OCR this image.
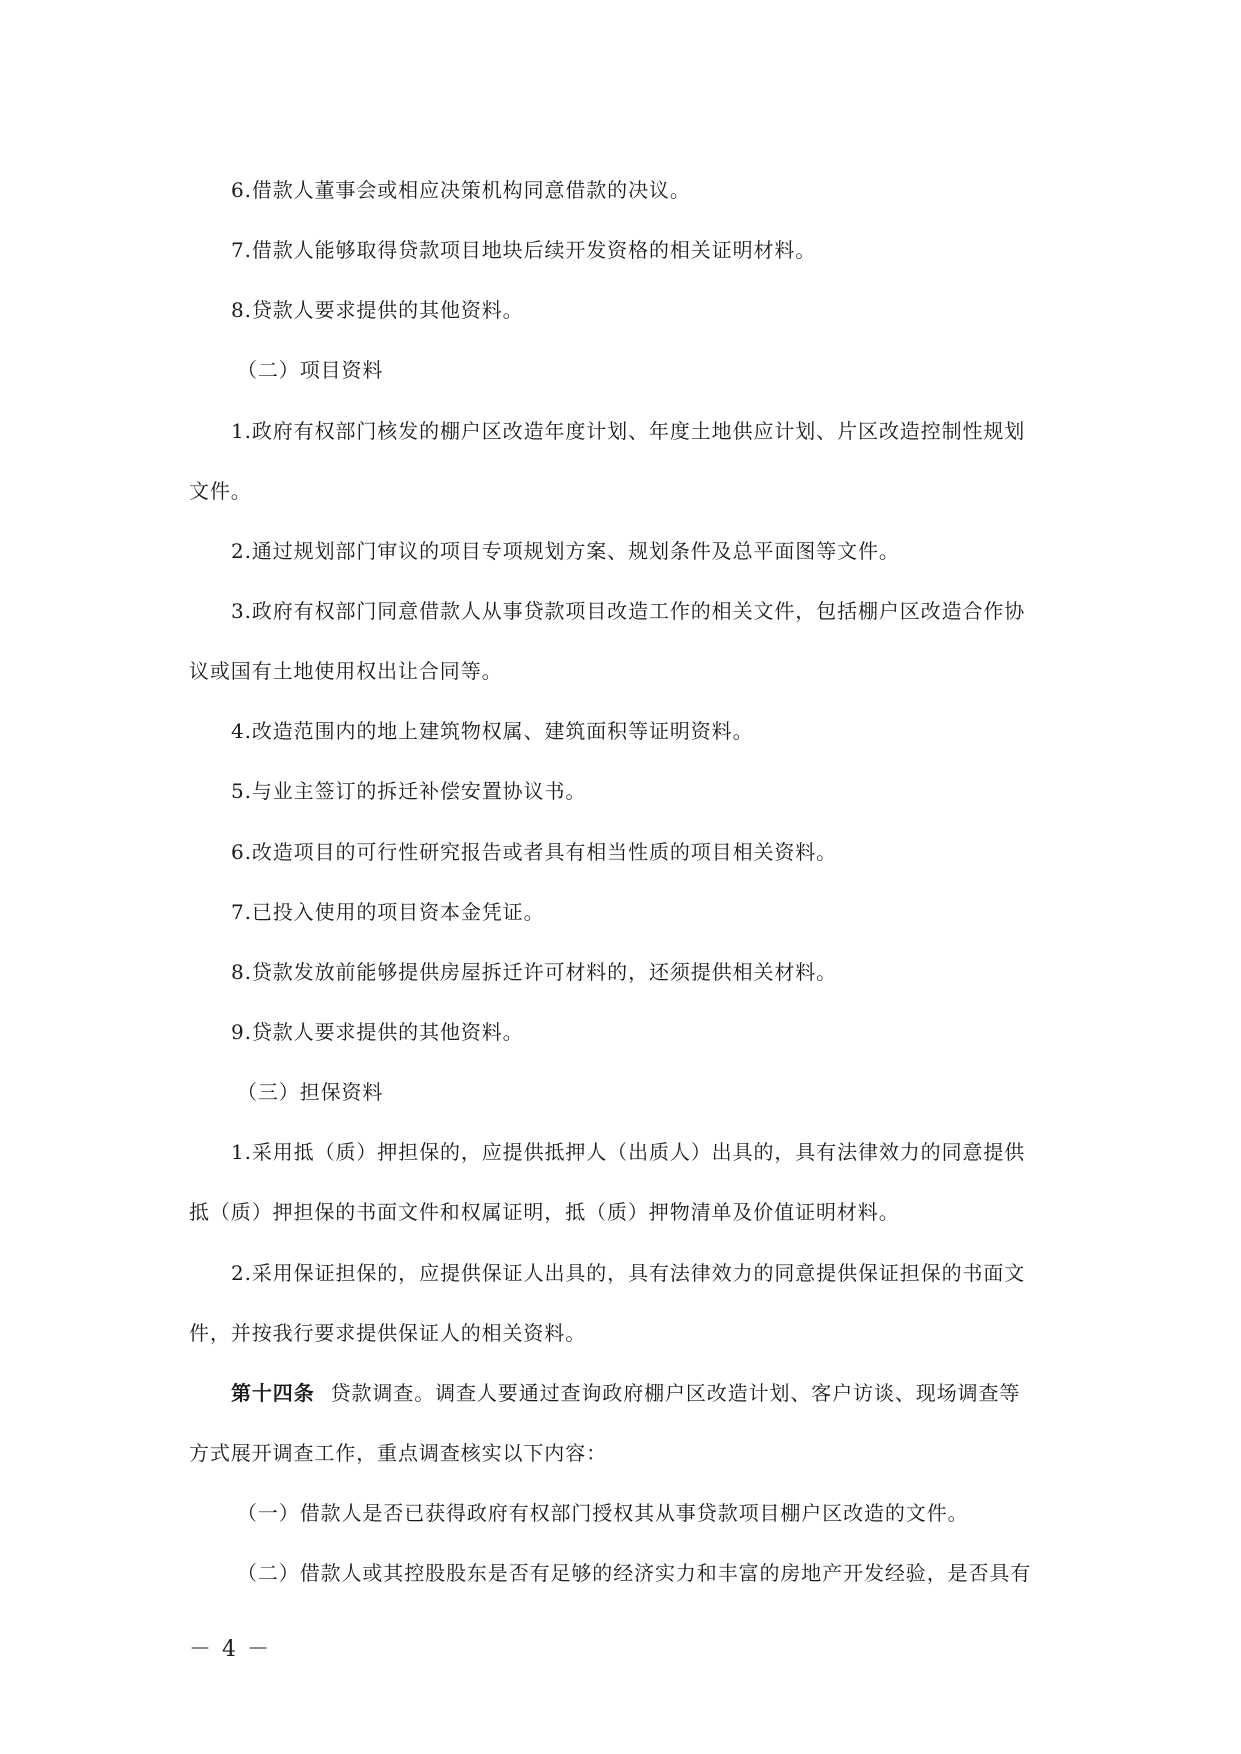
6.借款人董事会或相应决策机构同意借款的决议。
7.借款人能够取得贷款项目地块后续开发资格的相关证明材料。
8.贷款人要求提供的其他资料。
（二）项目资料
1.政府有权部门核发的棚户区改造年度计划、年度土地供应计划、片区改造控制性规划
文件。
2.通过规划部门审议的项目专项规划方案、规划条件及总平面图等文件。
3.政府有权部门同意借款人从事贷款项目改造工作的相关文件，包括棚户区改造合作协
议或国有土地使用权出让合同等。
4.改造范围内的地上建筑物权属、建筑面积等证明资料。
5.与业主签订的拆迁补偿安置协议书。
6.改造项目的可行性研究报告或者具有相当性质的项目相关资料。
7.已投入使用的项目资本金凭证。
8.贷款发放前能够提供房屋拆迁许可材料的，还须提供相关材料。
9.贷款人要求提供的其他资料。
（三）担保资料
1.采用抵（质）押担保的，应提供抵押人（出质人）出具的，具有法律效力的同意提供
抵（质）押担保的书面文件和权属证明，抵（质）押物清单及价值证明材料。
2.采用保证担保的，应提供保证人出具的，具有法律效力的同意提供保证担保的书面文
件，并按我行要求提供保证人的相关资料。
第十四条 贷款调查。调查人要通过查询政府棚户区改造计划、客户访谈、现场调查等
方式展开调查工作，重点调查核实以下内容：
（一）借款人是否已获得政府有权部门授权其从事贷款项目棚户区改造的文件。
（二）借款人或其控股股东是否有足够的经济实力和丰富的房地产开发经验，是否具有
－ 4 －
